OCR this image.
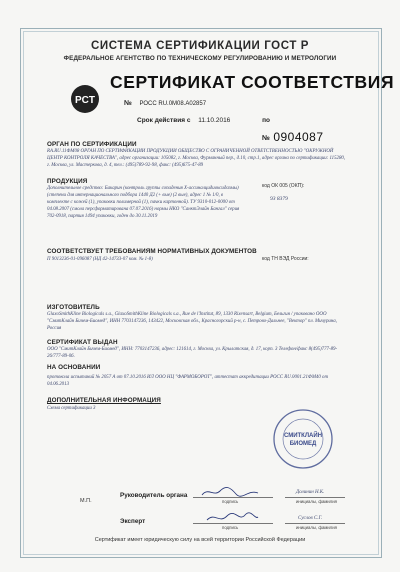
СИСТЕМА СЕРТИФИКАЦИИ ГОСТ Р
ФЕДЕРАЛЬНОЕ АГЕНТСТВО ПО ТЕХНИЧЕСКОМУ РЕГУЛИРОВАНИЮ И МЕТРОЛОГИИ
PCT
СЕРТИФИКАТ СООТВЕТСТВИЯ
№ РОСС RU.0М08.А02857
Срок действия с 11.10.2016	по
№ 0904087
ОРГАН ПО СЕРТИФИКАЦИИ
RA.RU.11ФМ08 ОРГАН ПО СЕРТИФИКАЦИИ ПРОДУКЦИИ ОБЩЕСТВО С ОГРАНИЧЕННОЙ ОТВЕТСТВЕННОСТЬЮ "ОКРУЖНОЙ ЦЕНТР КОНТРОЛЯ КАЧЕСТВА", адрес организации: 105082, г. Москва, Фурманный пер., д.10, стр.1, адрес органа по сертификации: 115280, г. Москва, ул. Мастеркова, д. 4, тел.: (495)789-92-98, факс: (495)675-47-89
ПРОДУКЦИЯ
Дополнительное средство: Бакарин (контроль группы сопадения Х-ассиналцидиоксидазмы) (степени для интернационального подбора 1440 Д2 (+ вые) (2 вые), адрес 1 № 1/0, в комплекте с кожей (1), упаковки полимерной (1), пачки картонной). ТУ 9310-012-0000 от 04.08.2007 (смола персформатирована 07.07.2016) нормы НКО "СанктЭлайн Бангал" серия 702-0918, партия 1494 упаковки, годен до 30.11.2019
код ОК 005 (ОКП):
93 8379
СООТВЕТСТВУЕТ ТРЕБОВАНИЯМ НОРМАТИВНЫХ ДОКУМЕНТОВ
П 9013236-01-096087 (НД 42-14733-07 ком. № 1-8)	код ТН ВЭД России:
ИЗГОТОВИТЕЛЬ
GlaxoSmithKline Biologicals s.a., GlaxoSmithKline Biologicals s.a., Rue de l'Institut, 89, 1330 Rixensart, Belgium, Бельгия / упаковано ООО "СмитКлайн Бичем-Биомед", ИНН 7703147236, 143422, Московская обл., Красногорский р-н, с. Петрово-Дальнее, "Вектор" пл. Мичурина, Россия
СЕРТИФИКАТ ВЫДАН
ООО "СмитКлайн Бичем-Биомед", ИНН: 7703147236, адрес: 121614, г. Москва, ул. Крылатская, д. 17, корп. 3 Телефон/факс 8(495)777-89-26/777-89-06.
НА ОСНОВАНИИ
протокола испытаний № 2057 А от 07.10.2016 ИЛ ООО НЦ "ФАРМОБОРОТ", аттестат аккредитации РОСС RU.0001.21ФМ40 от 04.06.2013
ДОПОЛНИТЕЛЬНАЯ ИНФОРМАЦИЯ
Схема сертификации 3
СМИТКЛАЙН
БИОМЕД
М.П.
Руководитель органа	Долинин Н.К.
подпись	инициалы, фамилия
Эксперт	Суслов С.Г.
подпись	инициалы, фамилия
Сертификат имеет юридическую силу на всей территории Российской Федерации
